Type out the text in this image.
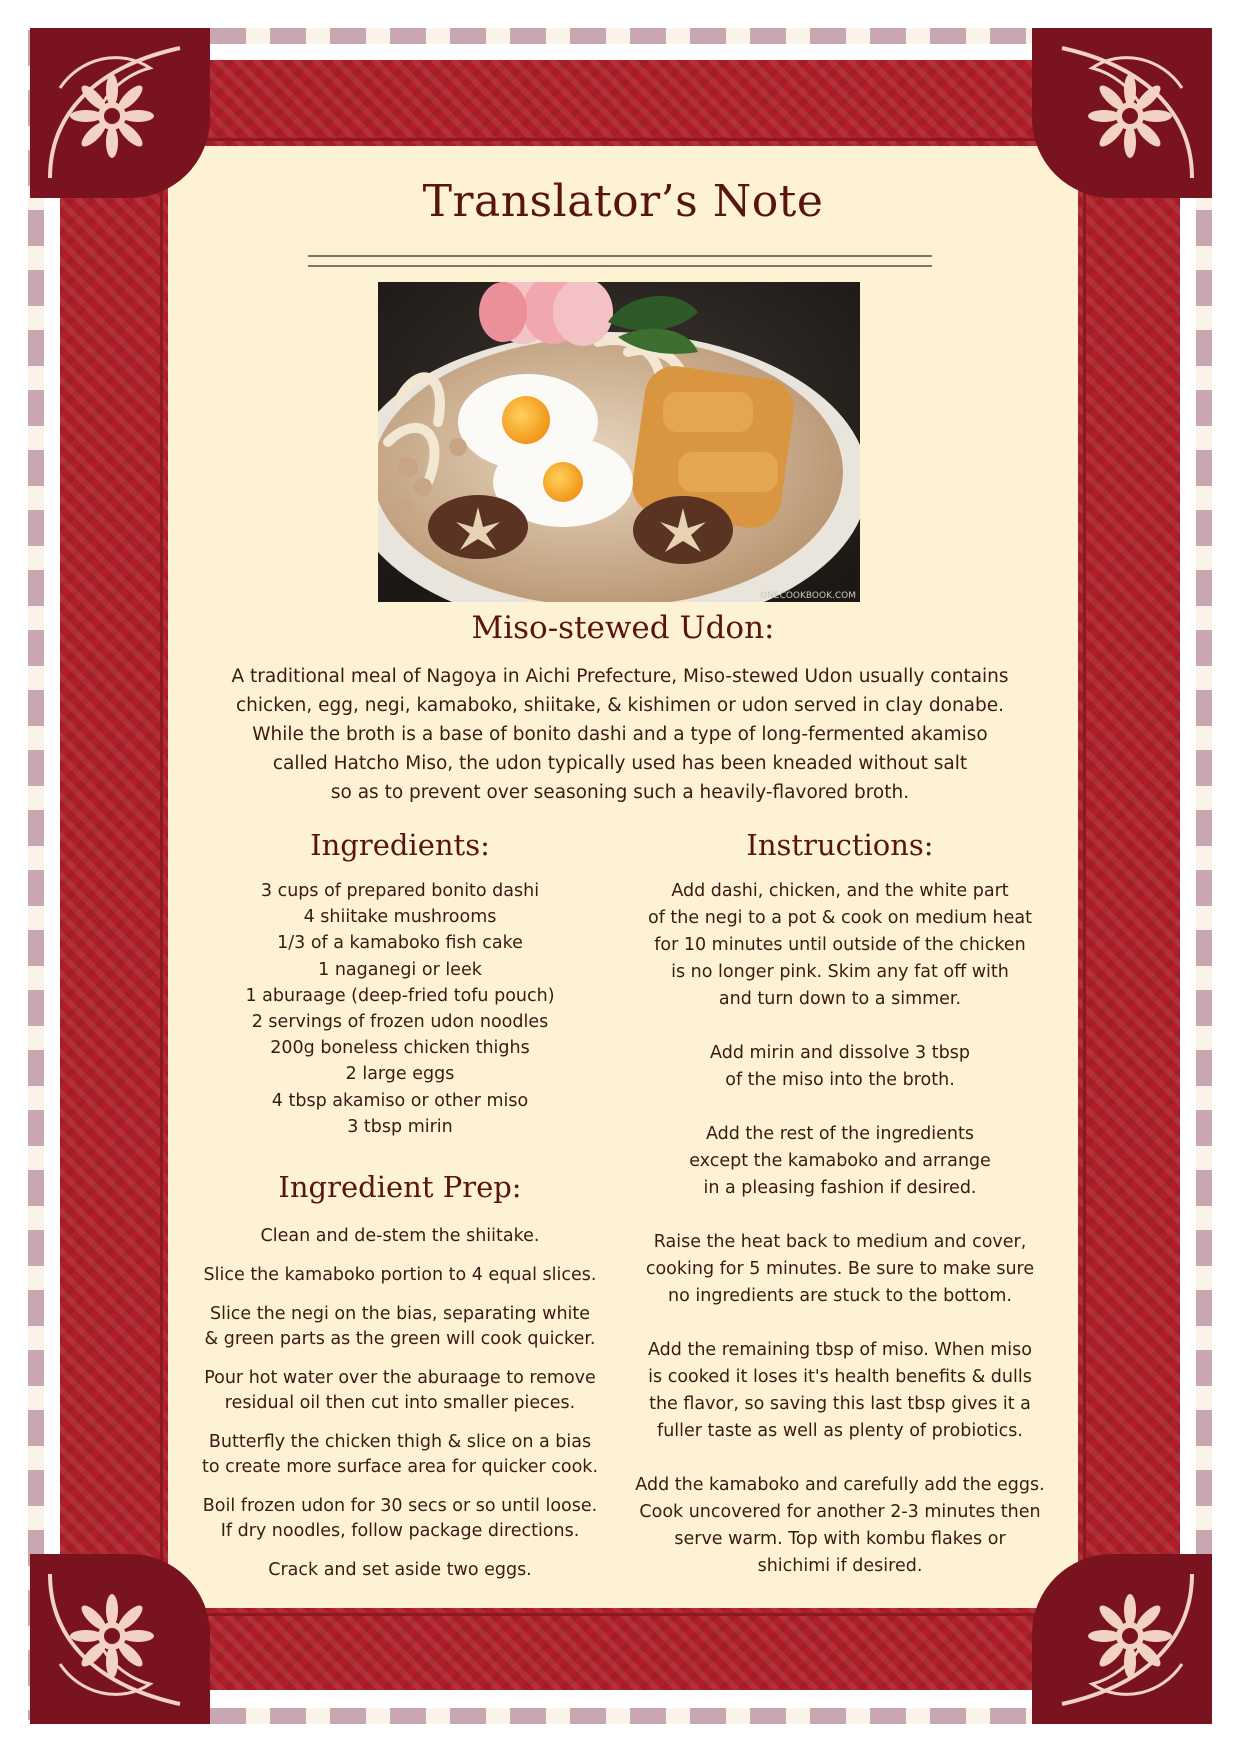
Translator’s Note
ONECOOKBOOK.COM
Miso-stewed Udon:
A traditional meal of Nagoya in Aichi Prefecture, Miso-stewed Udon usually contains
chicken, egg, negi, kamaboko, shiitake, & kishimen or udon served in clay donabe.
While the broth is a base of bonito dashi and a type of long-fermented akamiso
called Hatcho Miso, the udon typically used has been kneaded without salt
so as to prevent over seasoning such a heavily-flavored broth.
Ingredients:
3 cups of prepared bonito dashi
4 shiitake mushrooms
1/3 of a kamaboko fish cake
1 naganegi or leek
1 aburaage (deep-fried tofu pouch)
2 servings of frozen udon noodles
200g boneless chicken thighs
2 large eggs
4 tbsp akamiso or other miso
3 tbsp mirin
Ingredient Prep:
Clean and de-stem the shiitake.
Slice the kamaboko portion to 4 equal slices.
Slice the negi on the bias, separating white
& green parts as the green will cook quicker.
Pour hot water over the aburaage to remove
residual oil then cut into smaller pieces.
Butterfly the chicken thigh & slice on a bias
to create more surface area for quicker cook.
Boil frozen udon for 30 secs or so until loose.
If dry noodles, follow package directions.
Crack and set aside two eggs.
Instructions:
Add dashi, chicken, and the white part
of the negi to a pot & cook on medium heat
for 10 minutes until outside of the chicken
is no longer pink. Skim any fat off with
and turn down to a simmer.
Add mirin and dissolve 3 tbsp
of the miso into the broth.
Add the rest of the ingredients
except the kamaboko and arrange
in a pleasing fashion if desired.
Raise the heat back to medium and cover,
cooking for 5 minutes. Be sure to make sure
no ingredients are stuck to the bottom.
Add the remaining tbsp of miso. When miso
is cooked it loses it's health benefits & dulls
the flavor, so saving this last tbsp gives it a
fuller taste as well as plenty of probiotics.
Add the kamaboko and carefully add the eggs.
Cook uncovered for another 2-3 minutes then
serve warm. Top with kombu flakes or
shichimi if desired.
